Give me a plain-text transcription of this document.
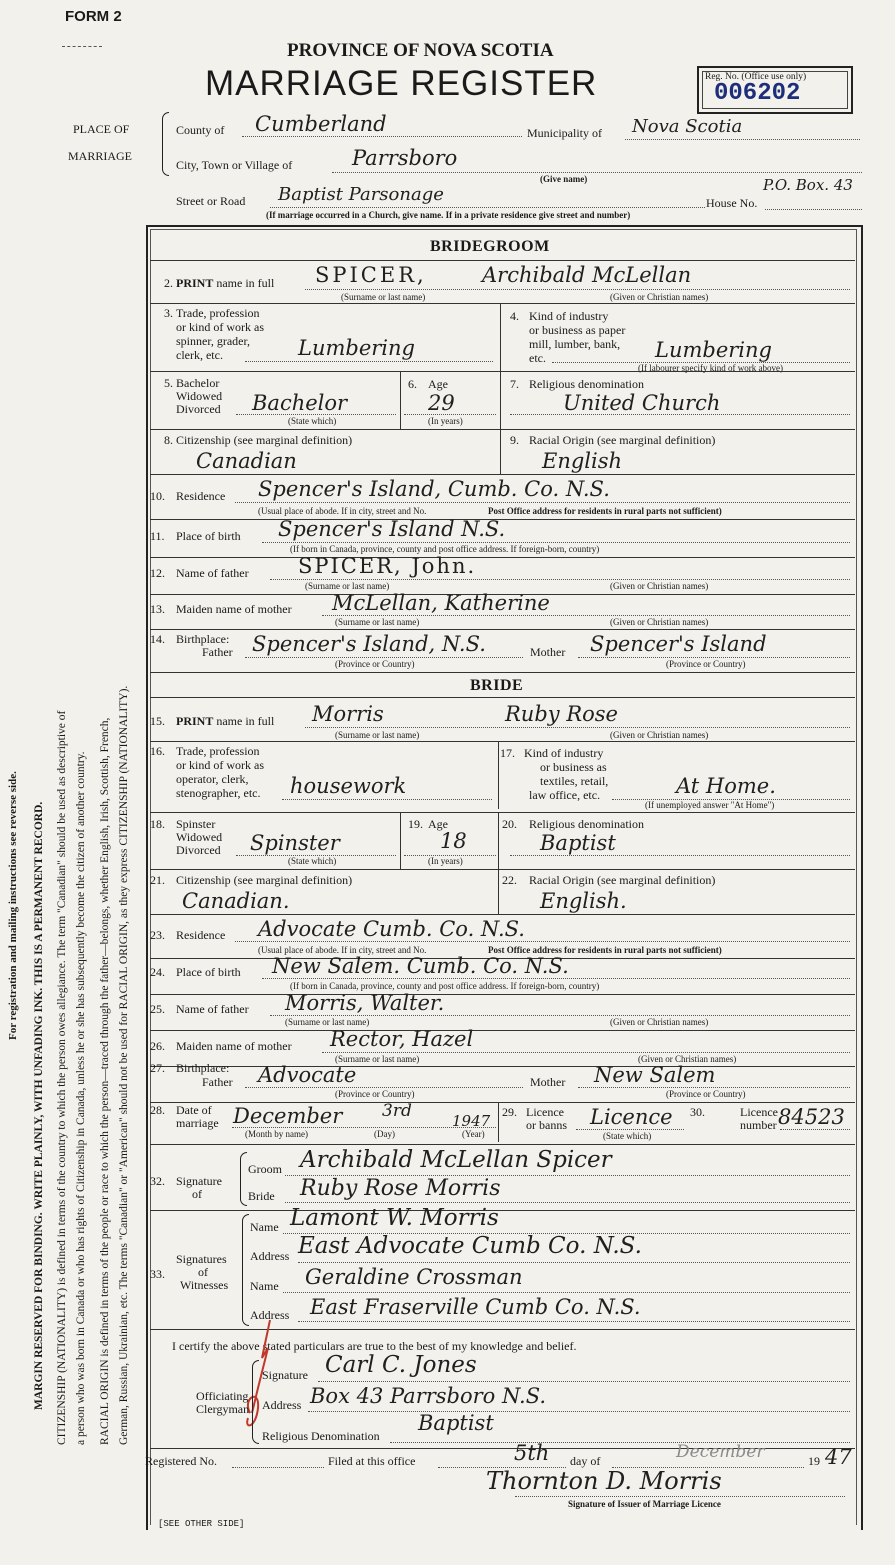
For registration and mailing instructions see reverse side. MARGIN RESERVED FOR BINDING. WRITE PLAINLY, WITH UNFADING INK. THIS IS A PERMANENT RECORD. CITIZENSHIP (NATIONALITY) is defined in terms of the country to which the person owes allegiance. The term "Canadian" should be used as descriptive of a person who was born in Canada or who has rights of Citizenship in Canada, unless he or she has subsequently become the citizen of another country. RACIAL ORIGIN is defined in terms of the people or race to which the person—traced through the father—belongs, whether English, Irish, Scottish, French, German, Russian, Ukrainian, etc. The terms "Canadian" or "American" should not be used for RACIAL ORIGIN, as they express CITIZENSHIP (NATIONALITY).
FORM 2
PROVINCE OF NOVA SCOTIA
MARRIAGE REGISTER	Reg. No. (Office use only)
006202
PLACE OF
MARRIAGE
County of Cumberland	Municipality of Nova Scotia
City, Town or Village of	Parrsboro
(Give name)
Street or Road Baptist Parsonage	House No.
P.O. Box. 43
(If marriage occurred in a Church, give name. If in a private residence give street and number)
BRIDEGROOM
2. PRINT name in full SPICER,	Archibald McLellan
(Surname or last name)	(Given or Christian names)
3. Trade, profession
or kind of work as
spinner, grader,
clerk, etc.	Lumbering
4. Kind of industry
or business as paper
mill, lumber, bank,
etc.	Lumbering
(If labourer specify kind of work above)
5. Bachelor
Widowed
Divorced Bachelor
(State which)
6. Age
29
(In years)
7. Religious denomination
United Church
8. Citizenship (see marginal definition)
Canadian
9. Racial Origin (see marginal definition)
English
10. Residence Spencer's Island, Cumb. Co. N.S.
(Usual place of abode. If in city, street and No.	Post Office address for residents in rural parts not sufficient)
11. Place of birth Spencer's Island N.S.
(If born in Canada, province, county and post office address. If foreign-born, country)
12. Name of father SPICER, John.
(Surname or last name)	(Given or Christian names)
13. Maiden name of mother McLellan, Katherine
(Surname or last name)	(Given or Christian names)
14. Birthplace:
Father Spencer's Island, N.S.
(Province or Country)
Mother Spencer's Island
(Province or Country)
BRIDE
15. PRINT name in full Morris	Ruby Rose
(Surname or last name)	(Given or Christian names)
16. Trade, profession
or kind of work as
operator, clerk,
stenographer, etc. housework
17. Kind of industry
or business as
textiles, retail,
law office, etc.	At Home.
(If unemployed answer "At Home")
18. Spinster
Widowed
Divorced Spinster
(State which)
19. Age
18
(In years)
20. Religious denomination
Baptist
21. Citizenship (see marginal definition)
Canadian.
22. Racial Origin (see marginal definition)
English.
23. Residence Advocate Cumb. Co. N.S.
(Usual place of abode. If in city, street and No.	Post Office address for residents in rural parts not sufficient)
24. Place of birth New Salem. Cumb. Co. N.S.
(If born in Canada, province, county and post office address. If foreign-born, country)
25. Name of father Morris, Walter.
(Surname or last name)	(Given or Christian names)
26. Maiden name of mother Rector, Hazel
(Surname or last name)	(Given or Christian names)
27. Birthplace:
Father Advocate
(Province or Country)
Mother New Salem
(Province or Country)
28. Date of
marriage December 3rd	1947
(Month by name)	(Day)	(Year)
29. Licence
or banns Licence
(State which)
30.	Licence
number 84523
32. Signature
of
Groom Archibald McLellan Spicer
Bride Ruby Rose Morris
33.
Signatures
of
Witnesses
Name Lamont W. Morris
Address East Advocate Cumb Co. N.S.
Name Geraldine Crossman
Address East Fraserville Cumb Co. N.S.
I certify the above stated particulars are true to the best of my knowledge and belief.
Officiating
Clergyman
Signature Carl C. Jones
Address Box 43 Parrsboro N.S.
Religious Denomination
Baptist
Registered No.	Filed at this office	5th day of	December	19 47
Thornton D. Morris
Signature of Issuer of Marriage Licence
[SEE OTHER SIDE]
